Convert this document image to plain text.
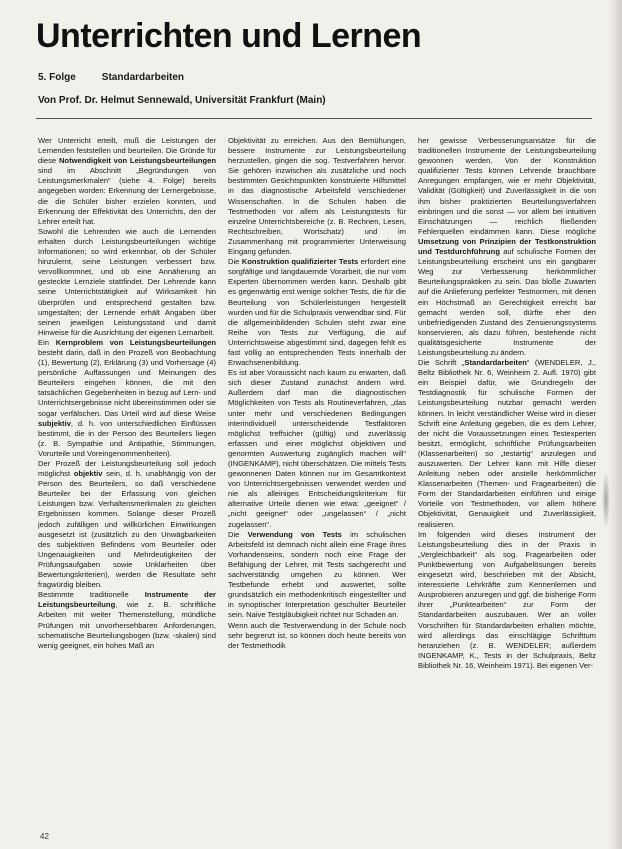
Unterrichten und Lernen
5. Folge	Standardarbeiten
Von Prof. Dr. Helmut Sennewald, Universität Frankfurt (Main)

Wer Unterricht erteilt, muß die Leistungen der Lernenden feststellen und beurteilen. Die Gründe für diese Notwendigkeit von Leistungsbeurteilungen sind im Abschnitt „Begründungen von Leistungsmerkmalen“ (siehe 4. Folge) bereits angegeben worden: Erkennung der Lernergebnisse, die die Schüler bisher erzielen konnten, und Erkennung der Effektivität des Unterrichts, den der Lehrer erteilt hat.

Sowohl die Lehrenden wie auch die Lernenden erhalten durch Leistungsbeurteilungen wichtige Informationen; so wird erkennbar, ob der Schüler hinzulernt, seine Leistungen verbessert bzw. vervollkommnet, und ob eine Annäherung an gesteckte Lernziele stattfindet. Der Lehrende kann seine Unterrichtstätigkeit auf Wirksamkeit hin überprüfen und entsprechend gestalten bzw. umgestalten; der Lernende erhält Angaben über seinen jeweiligen Leistungsstand und damit Hinweise für die Ausrichtung der eigenen Lernarbeit.

Ein Kernproblem von Leistungsbeurteilungen besteht darin, daß in den Prozeß von Beobachtung (1), Bewertung (2), Erklärung (3) und Vorhersage (4) persönliche Auffassungen und Meinungen des Beurteilers eingehen können, die mit den tatsächlichen Gegebenheiten in bezug auf Lern- und Unterrichtsergebnisse nicht übereinstimmen oder sie sogar verfälschen. Das Urteil wird auf diese Weise subjektiv, d. h. von unterschiedlichen Einflüssen bestimmt, die in der Person des Beurteilers liegen (z. B. Sympathie und Antipathie, Stimmungen, Vorurteile und Voreingenommenheiten).

Der Prozeß der Leistungsbeurteilung soll jedoch möglichst objektiv sein, d. h. unabhängig von der Person des Beurteilers, so daß verschiedene Beurteiler bei der Erfassung von gleichen Leistungen bzw. Verhaltensmerkmalen zu gleichen Ergebnissen kommen. Solange dieser Prozeß jedoch zufälligen und willkürlichen Einwirkungen ausgesetzt ist (zusätzlich zu den Unwägbarkeiten des subjektiven Befindens vom Beurteiler oder Ungenauigkeiten und Mehrdeutigkeiten der Prüfungsaufgaben sowie Unklarheiten über Bewertungskriterien), werden die Resultate sehr fragwürdig bleiben.

Bestimmte traditionelle Instrumente der Leistungsbeurteilung, wie z. B. schriftliche Arbeiten mit weiter Themenstellung, mündliche Prüfungen mit unvorhersehbaren Anforderungen, schematische Beurteilungsbogen (bzw. -skalen) sind wenig geeignet, ein hohes Maß an

Objektivität zu erreichen. Aus den Bemühungen, bessere Instrumente zur Leistungsbeurteilung herzustellen, gingen die sog. Testverfahren hervor. Sie gehören inzwischen als zusätzliche und noch bestimmten Gesichtspunkten konstruierte Hilfsmittel in das diagnostische Arbeitsfeld verschiedener Wissenschaften. In die Schulen haben die Testmethoden vor allem als Leistungstests für einzelne Unterrichtsbereiche (z. B. Rechnen, Lesen, Rechtschreiben, Wortschatz) und im Zusammenhang mit programmierter Unterweisung Eingang gefunden.

Die Konstruktion qualifizierter Tests erfordert eine sorgfältige und langdauernde Vorarbeit, die nur vom Experten übernommen werden kann. Deshalb gibt es gegenwärtig erst wenige solcher Tests, die für die Beurteilung von Schülerleistungen hergestellt wurden und für die Schulpraxis verwendbar sind. Für die allgemeinbildenden Schulen steht zwar eine Reihe von Tests zur Verfügung, die auf Unterrichtsweise abgestimmt sind, dagegen fehlt es fast völlig an entsprechenden Tests innerhalb der Erwachsenenbildung.

Es ist aber Voraussicht nach kaum zu erwarten, daß sich dieser Zustand zunächst ändern wird. Außerdem darf man die diagnostischen Möglichkeiten von Tests als Routineverfahren, „das unter mehr und verschiedenen Bedingungen interindividuell unterscheidende Testfaktoren möglichst treffsicher (gültig) und zuverlässig erfassen und einer möglichst objektiven und genormten Auswertung zugänglich machen will“ (INGENKAMP), nicht überschätzen. Die mittels Tests gewonnenen Daten können nur im Gesamtkontext von Unterrichtsergebnissen verwendet werden und nie als alleiniges Entscheidungskriterium für alternative Urteile dienen wie etwa: „geeignet“ / „nicht geeignet“ oder „ungelassen“ / „nicht zugelassen“.

Die Verwendung von Tests im schulischen Arbeitsfeld ist demnach nicht allein eine Frage ihres Vorhandenseins, sondern noch eine Frage der Befähigung der Lehrer, mit Tests sachgerecht und sachverständig umgehen zu können. Wer Testbefunde erhebt und auswertet, sollte grundsätzlich ein methodenkritisch eingestellter und in synoptischer Interpretation geschulter Beurteiler sein. Naive Testgläubigkeit richtet nur Schaden an.

Wenn auch die Testverwendung in der Schule noch sehr begrenzt ist, so können doch heute bereits von der Testmethodik

her gewisse Verbesserungsansätze für die traditionellen Instrumente der Leistungsbeurteilung gewonnen werden. Von der Konstruktion qualifizierter Tests können Lehrende brauchbare Anregungen empfangen, wie er mehr Objektivität, Validität (Gültigkeit) und Zuverlässigkeit in die von ihm bisher praktizierten Beurteilungsverfahren einbringen und die sonst — vor allem bei intuitiven Einschätzungen — reichlich fließenden Fehlerquellen eindämmen kann. Diese mögliche Umsetzung von Prinzipien der Testkonstruktion und Testdurchführung auf schulische Formen der Leistungsbeurteilung erscheint uns ein gangbarer Weg zur Verbesserung herkömmlicher Beurteilungspraktiken zu sein. Das bloße Zuwarten auf die Anlieferung perfekter Testnormen, mit denen ein Höchstmaß an Gerechtigkeit erreicht bar gemacht werden soll, dürfte eher den unbefriedigenden Zustand des Zensierungssystems konservieren, als dazu führen, bestehende nicht qualitätsgesicherte Instrumente der Leistungsbeurteilung zu ändern.

Die Schrift „Standardarbeiten“ (WENDELER, J., Beltz Bibliothek Nr. 6, Weinheim 2. Aufl. 1970) gibt ein Beispiel dafür, wie Grundregeln der Testdiagnostik für schulische Formen der Leistungsbeurteilung nutzbar gemacht werden können. In leicht verständlicher Weise wird in dieser Schrift eine Anleitung gegeben, die es dem Lehrer, der nicht die Voraussetzungen eines Testexperten besitzt, ermöglicht, schriftliche Prüfungsarbeiten (Klassenarbeiten) so „testartig“ anzulegen und auszuwerten. Der Lehrer kann mit Hilfe dieser Anleitung neben oder anstelle herkömmlicher Klassenarbeiten (Themen- und Fragearbeiten) die Form der Standardarbeiten einführen und einige Vorteile von Testmethoden, vor allem höhere Objektivität, Genauigkeit und Zuverlässigkeit, realisieren.

Im folgenden wird dieses Instrument der Leistungsbeurteilung dies in der Praxis in „Vergleichbarkeit“ als sog. Fragearbeiten oder Punktbewertung von Aufgabelösungen bereits eingesetzt wird, beschrieben mit der Absicht, interessierte Lehrkräfte zum Kennenlernen und Ausprobieren anzuregen und ggf. die bisherige Form ihrer „Punktearbeiten“ zur Form der Standardarbeiten auszubauen. Wer an voller Vorschriften für Standardarbeiten erhalten möchte, wird allerdings das einschlägige Schrifttum heranziehen (z. B. WENDELER; außerdem INGENKAMP, K., Tests in der Schulpraxis, Beltz Bibliothek Nr. 16, Weinheim 1971). Bei eigenen Ver-

42
